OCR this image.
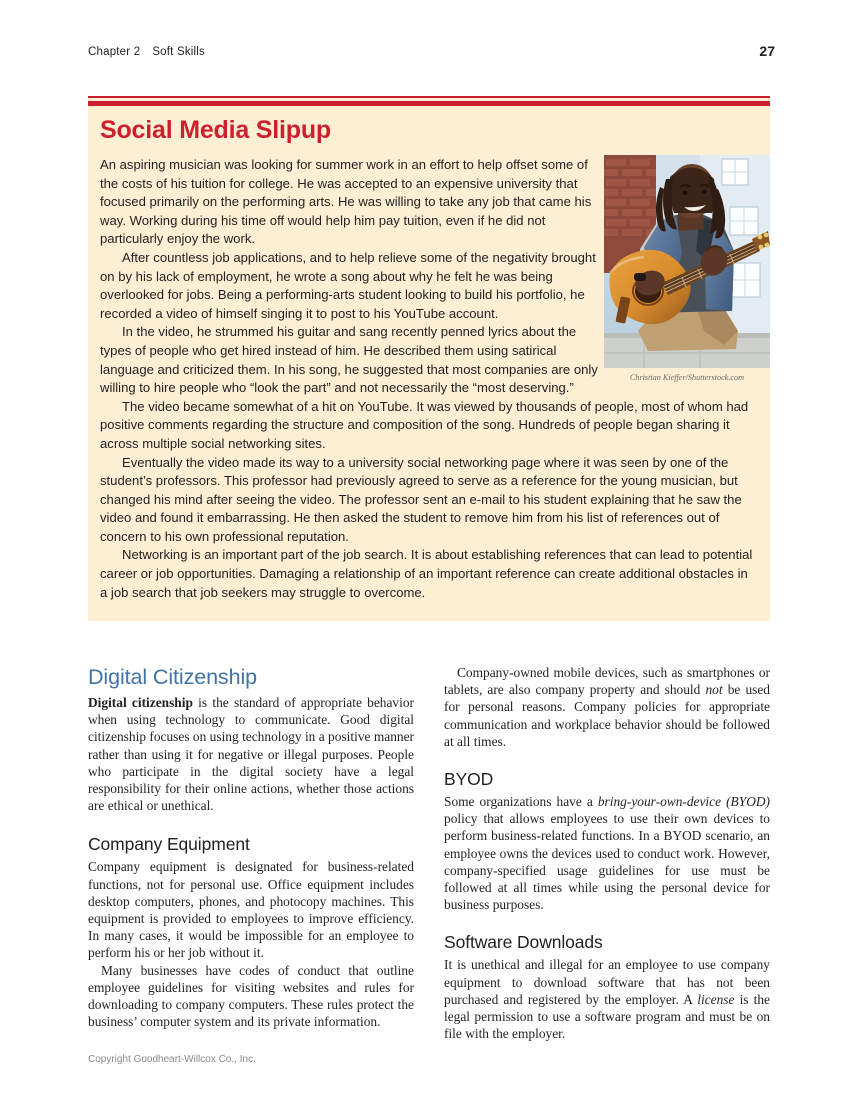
Chapter 2 Soft Skills	27
Social Media Slipup
Christian Kieffer/Shutterstock.com

An aspiring musician was looking for summer work in an effort to help offset some of the costs of his tuition for college. He was accepted to an expensive university that focused primarily on the performing arts. He was willing to take any job that came his way. Working during his time off would help him pay tuition, even if he did not particularly enjoy the work.

After countless job applications, and to help relieve some of the negativity brought on by his lack of employment, he wrote a song about why he felt he was being overlooked for jobs. Being a performing-arts student looking to build his portfolio, he recorded a video of himself singing it to post to his YouTube account.

In the video, he strummed his guitar and sang recently penned lyrics about the types of people who get hired instead of him. He described them using satirical language and criticized them. In his song, he suggested that most companies are only willing to hire people who “look the part” and not necessarily the “most deserving.”

The video became somewhat of a hit on YouTube. It was viewed by thousands of people, most of whom had positive comments regarding the structure and composition of the song. Hundreds of people began sharing it across multiple social networking sites.

Eventually the video made its way to a university social networking page where it was seen by one of the student’s professors. This professor had previously agreed to serve as a reference for the young musician, but changed his mind after seeing the video. The professor sent an e-mail to his student explaining that he saw the video and found it embarrassing. He then asked the student to remove him from his list of references out of concern to his own professional reputation.

Networking is an important part of the job search. It is about establishing references that can lead to potential career or job opportunities. Damaging a relationship of an important reference can create additional obstacles in a job search that job seekers may struggle to overcome.

Digital Citizenship

Digital citizenship is the standard of appropriate behavior when using technology to communicate. Good digital citizenship focuses on using technology in a positive manner rather than using it for negative or illegal purposes. People who participate in the digital society have a legal responsibility for their online actions, whether those actions are ethical or unethical.

Company Equipment

Company equipment is designated for business-related functions, not for personal use. Office equipment includes desktop computers, phones, and photocopy machines. This equipment is provided to employees to improve efficiency. In many cases, it would be impossible for an employee to perform his or her job without it.

Many businesses have codes of conduct that outline employee guidelines for visiting websites and rules for downloading to company computers. These rules protect the business’ computer system and its private information.

Company-owned mobile devices, such as smartphones or tablets, are also company property and should not be used for personal reasons. Company policies for appropriate communication and workplace behavior should be followed at all times.

BYOD

Some organizations have a bring-your-own-device (BYOD) policy that allows employees to use their own devices to perform business-related functions. In a BYOD scenario, an employee owns the devices used to conduct work. However, company-specified usage guidelines for use must be followed at all times while using the personal device for business purposes.

Software Downloads

It is unethical and illegal for an employee to use company equipment to download software that has not been purchased and registered by the employer. A license is the legal permission to use a software program and must be on file with the employer.

Copyright Goodheart-Willcox Co., Inc.
